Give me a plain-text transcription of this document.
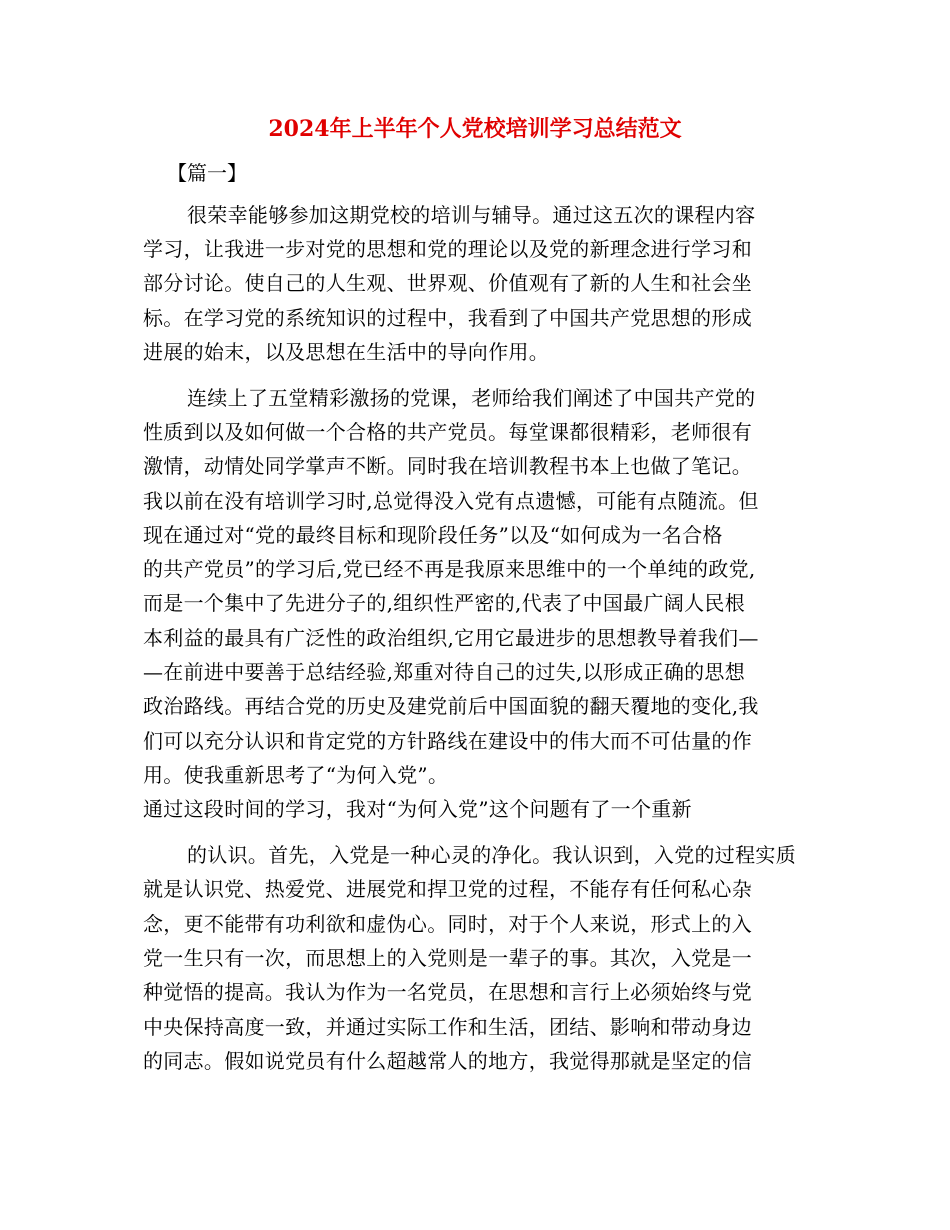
2024年上半年个人党校培训学习总结范文
【篇一】
很荣幸能够参加这期党校的培训与辅导。通过这五次的课程内容
学习，让我进一步对党的思想和党的理论以及党的新理念进行学习和
部分讨论。使自己的人生观、世界观、价值观有了新的人生和社会坐
标。在学习党的系统知识的过程中，我看到了中国共产党思想的形成
进展的始末，以及思想在生活中的导向作用。
连续上了五堂精彩激扬的党课，老师给我们阐述了中国共产党的
性质到以及如何做一个合格的共产党员。每堂课都很精彩，老师很有
激情，动情处同学掌声不断。同时我在培训教程书本上也做了笔记。
我以前在没有培训学习时,总觉得没入党有点遗憾，可能有点随流。但
现在通过对“党的最终目标和现阶段任务”以及“如何成为一名合格
的共产党员”的学习后,党已经不再是我原来思维中的一个单纯的政党,
而是一个集中了先进分子的,组织性严密的,代表了中国最广阔人民根
本利益的最具有广泛性的政治组织,它用它最进步的思想教导着我们—
—在前进中要善于总结经验,郑重对待自己的过失,以形成正确的思想
政治路线。再结合党的历史及建党前后中国面貌的翻天覆地的变化,我
们可以充分认识和肯定党的方针路线在建设中的伟大而不可估量的作
用。使我重新思考了“为何入党”。
通过这段时间的学习，我对“为何入党”这个问题有了一个重新
的认识。首先，入党是一种心灵的净化。我认识到，入党的过程实质
就是认识党、热爱党、进展党和捍卫党的过程，不能存有任何私心杂
念，更不能带有功利欲和虚伪心。同时，对于个人来说，形式上的入
党一生只有一次，而思想上的入党则是一辈子的事。其次，入党是一
种觉悟的提高。我认为作为一名党员，在思想和言行上必须始终与党
中央保持高度一致，并通过实际工作和生活，团结、影响和带动身边
的同志。假如说党员有什么超越常人的地方，我觉得那就是坚定的信
